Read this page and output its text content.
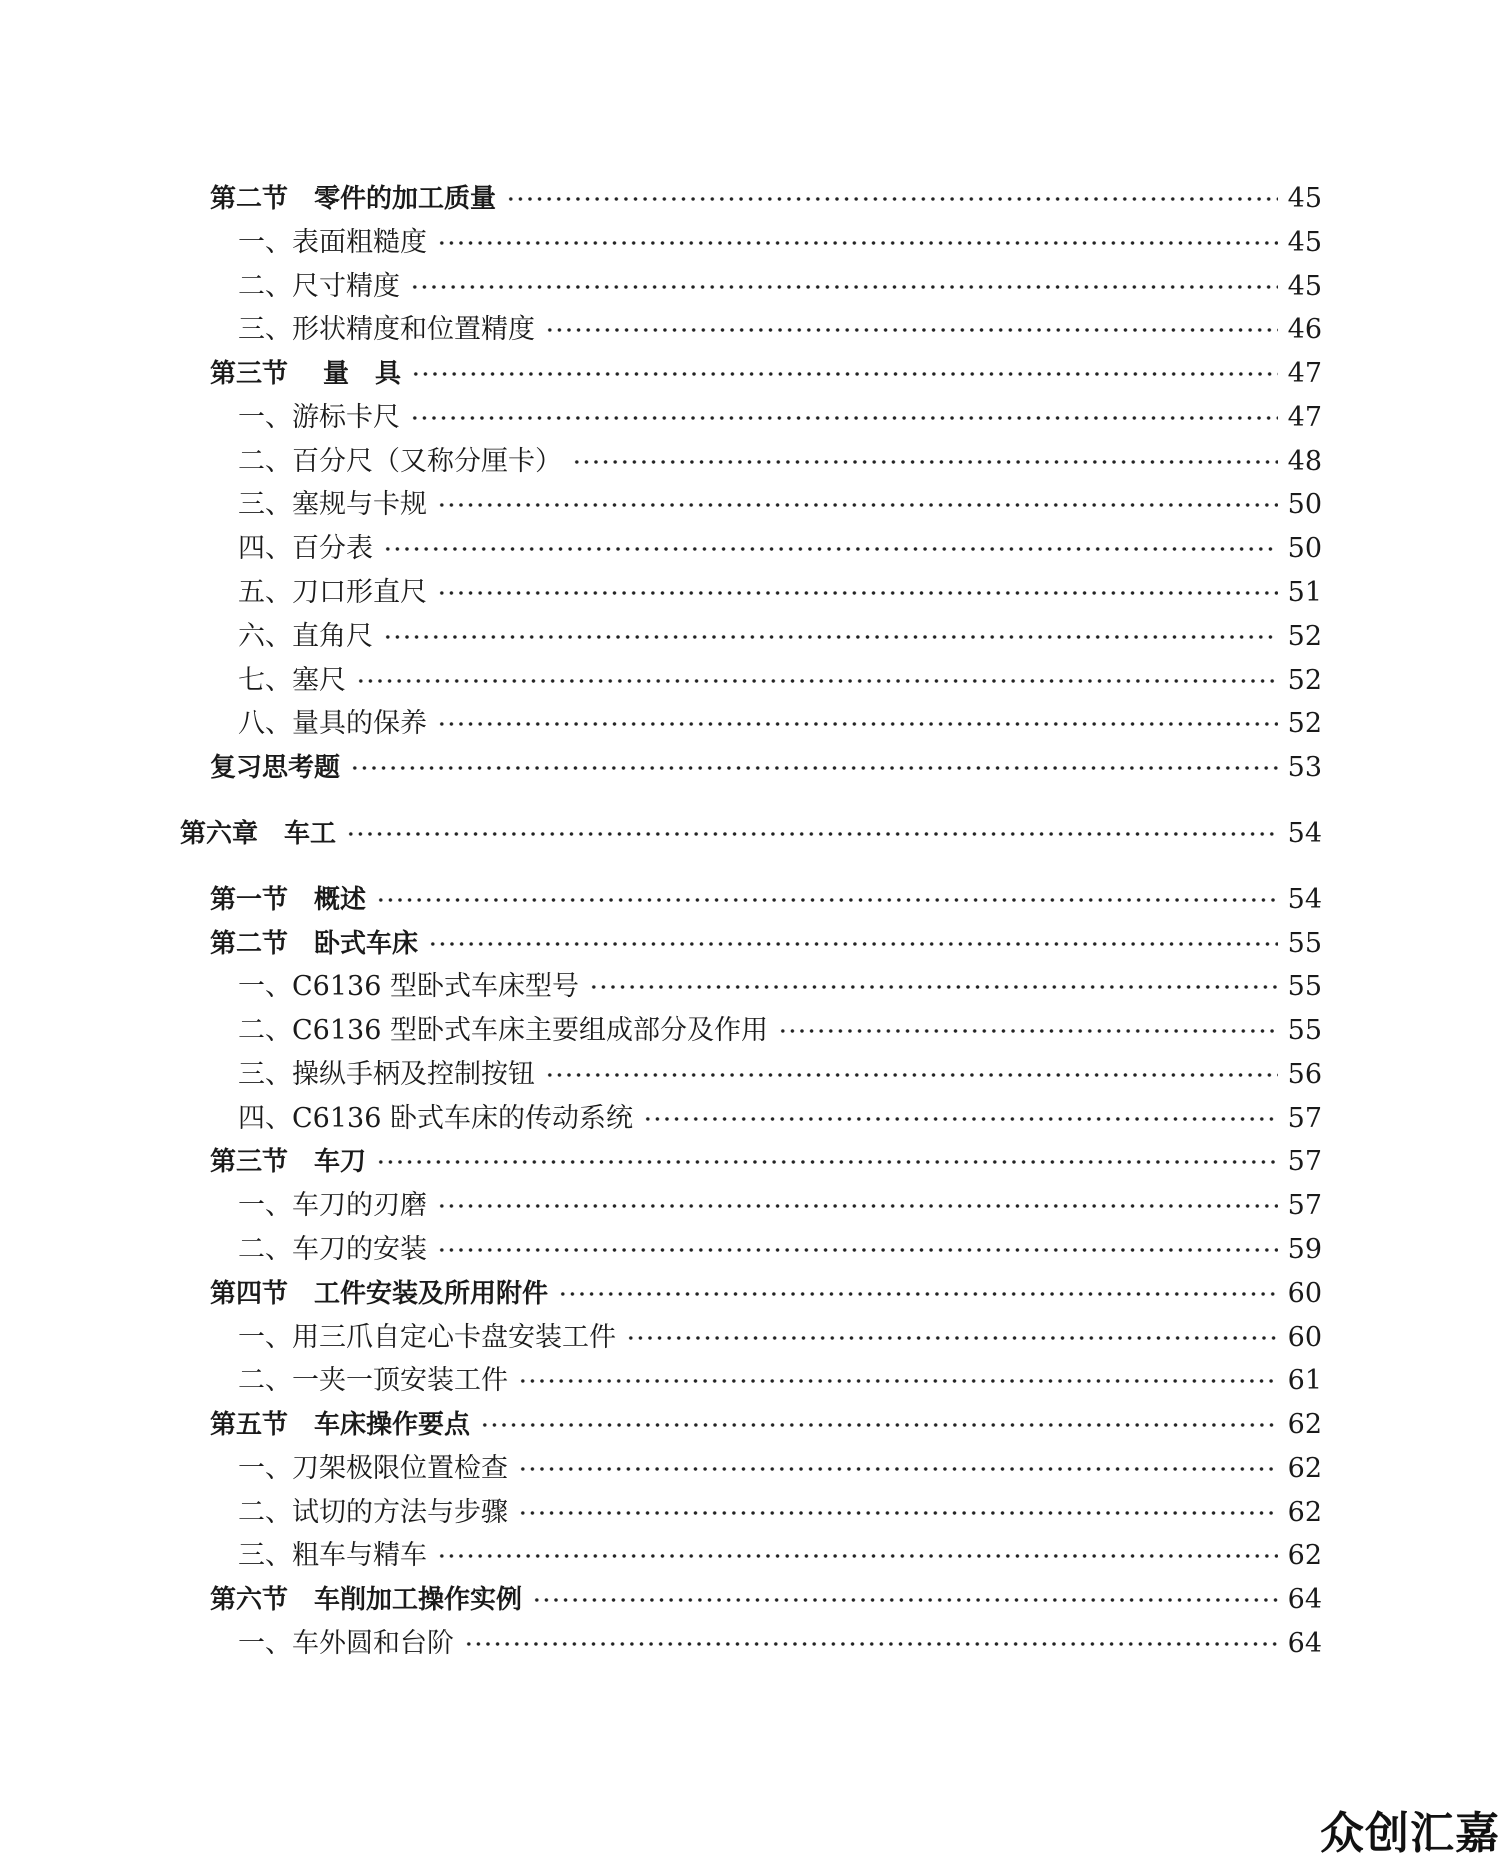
第二节　零件的加工质量	45
一、表面粗糙度	45
二、尺寸精度	45
三、形状精度和位置精度	46
第三节　 量　具	47
一、游标卡尺	47
二、百分尺（又称分厘卡）	48
三、塞规与卡规	50
四、百分表	50
五、刀口形直尺	51
六、直角尺	52
七、塞尺	52
八、量具的保养	52
复习思考题	53
第六章　车工	54
第一节　概述	54
第二节　卧式车床	55
一、C6136 型卧式车床型号	55
二、C6136 型卧式车床主要组成部分及作用	55
三、操纵手柄及控制按钮	56
四、C6136 卧式车床的传动系统	57
第三节　车刀	57
一、车刀的刃磨	57
二、车刀的安装	59
第四节　工件安装及所用附件	60
一、用三爪自定心卡盘安装工件	60
二、一夹一顶安装工件	61
第五节　车床操作要点	62
一、刀架极限位置检查	62
二、试切的方法与步骤	62
三、粗车与精车	62
第六节　车削加工操作实例	64
一、车外圆和台阶	64
众创汇嘉
